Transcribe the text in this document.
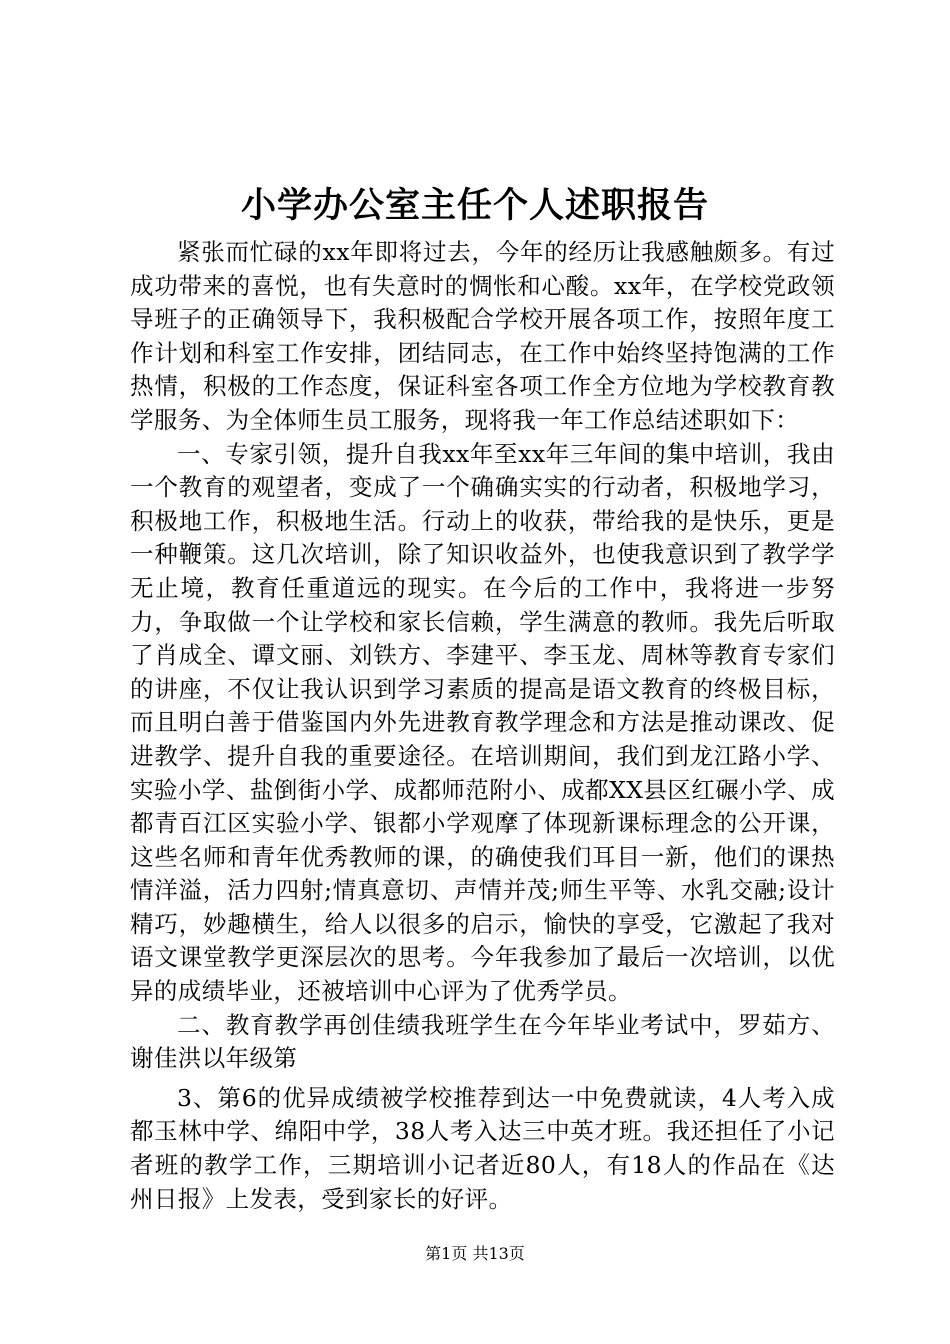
小学办公室主任个人述职报告

紧张而忙碌的xx年即将过去，今年的经历让我感触颇多。有过成功带来的喜悦，也有失意时的惆怅和心酸。xx年，在学校党政领导班子的正确领导下，我积极配合学校开展各项工作，按照年度工作计划和科室工作安排，团结同志，在工作中始终坚持饱满的工作热情，积极的工作态度，保证科室各项工作全方位地为学校教育教学服务、为全体师生员工服务，现将我一年工作总结述职如下：

一、专家引领，提升自我xx年至xx年三年间的集中培训，我由一个教育的观望者，变成了一个确确实实的行动者，积极地学习，积极地工作，积极地生活。行动上的收获，带给我的是快乐，更是一种鞭策。这几次培训，除了知识收益外，也使我意识到了教学学无止境，教育任重道远的现实。在今后的工作中，我将进一步努力，争取做一个让学校和家长信赖，学生满意的教师。我先后听取了肖成全、谭文丽、刘铁方、李建平、李玉龙、周林等教育专家们的讲座，不仅让我认识到学习素质的提高是语文教育的终极目标，而且明白善于借鉴国内外先进教育教学理念和方法是推动课改、促进教学、提升自我的重要途径。在培训期间，我们到龙江路小学、实验小学、盐倒街小学、成都师范附小、成都XX县区红碾小学、成都青百江区实验小学、银都小学观摩了体现新课标理念的公开课，这些名师和青年优秀教师的课，的确使我们耳目一新，他们的课热情洋溢，活力四射;情真意切、声情并茂;师生平等、水乳交融;设计精巧，妙趣横生，给人以很多的启示，愉快的享受，它激起了我对语文课堂教学更深层次的思考。今年我参加了最后一次培训，以优异的成绩毕业，还被培训中心评为了优秀学员。

二、教育教学再创佳绩我班学生在今年毕业考试中，罗茹方、谢佳洪以年级第

3、第6的优异成绩被学校推荐到达一中免费就读，4人考入成都玉林中学、绵阳中学，38人考入达三中英才班。我还担任了小记者班的教学工作，三期培训小记者近80人，有18人的作品在《达州日报》上发表，受到家长的好评。

第1页 共13页
